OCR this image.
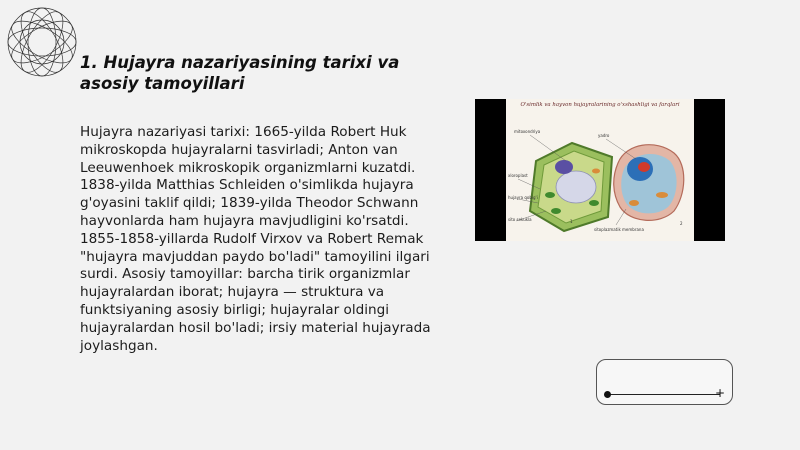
1. Hujayra nazariyasining tarixi va asosiy tamoyillari
Hujayra nazariyasi tarixi: 1665-yilda Robert Huk mikroskopda hujayralarni tasvirladi; Anton van Leeuwenhoek mikroskopik organizmlarni kuzatdi. 1838-yilda Matthias Schleiden o'simlikda hujayra g'oyasini taklif qildi; 1839-yilda Theodor Schwann hayvonlarda ham hujayra mavjudligini ko'rsatdi. 1855-1858-yillarda Rudolf Virxov va Robert Remak "hujayra mavjuddan paydo bo'ladi" tamoyilini ilgari surdi. Asosiy tamoyillar: barcha tirik organizmlar hujayralardan iborat; hujayra — struktura va funktsiyaning asosiy birligi; hujayralar oldingi hujayralardan hosil bo'ladi; irsiy material hujayrada joylashgan.
O'simlik va hayvon hujayralarining o'xshashligi va farqlari
mitoxondriya
yadro
xloroplast
hujayra qobig'i
sito sekukla
sitoplazmatik membrana
1	2
+
